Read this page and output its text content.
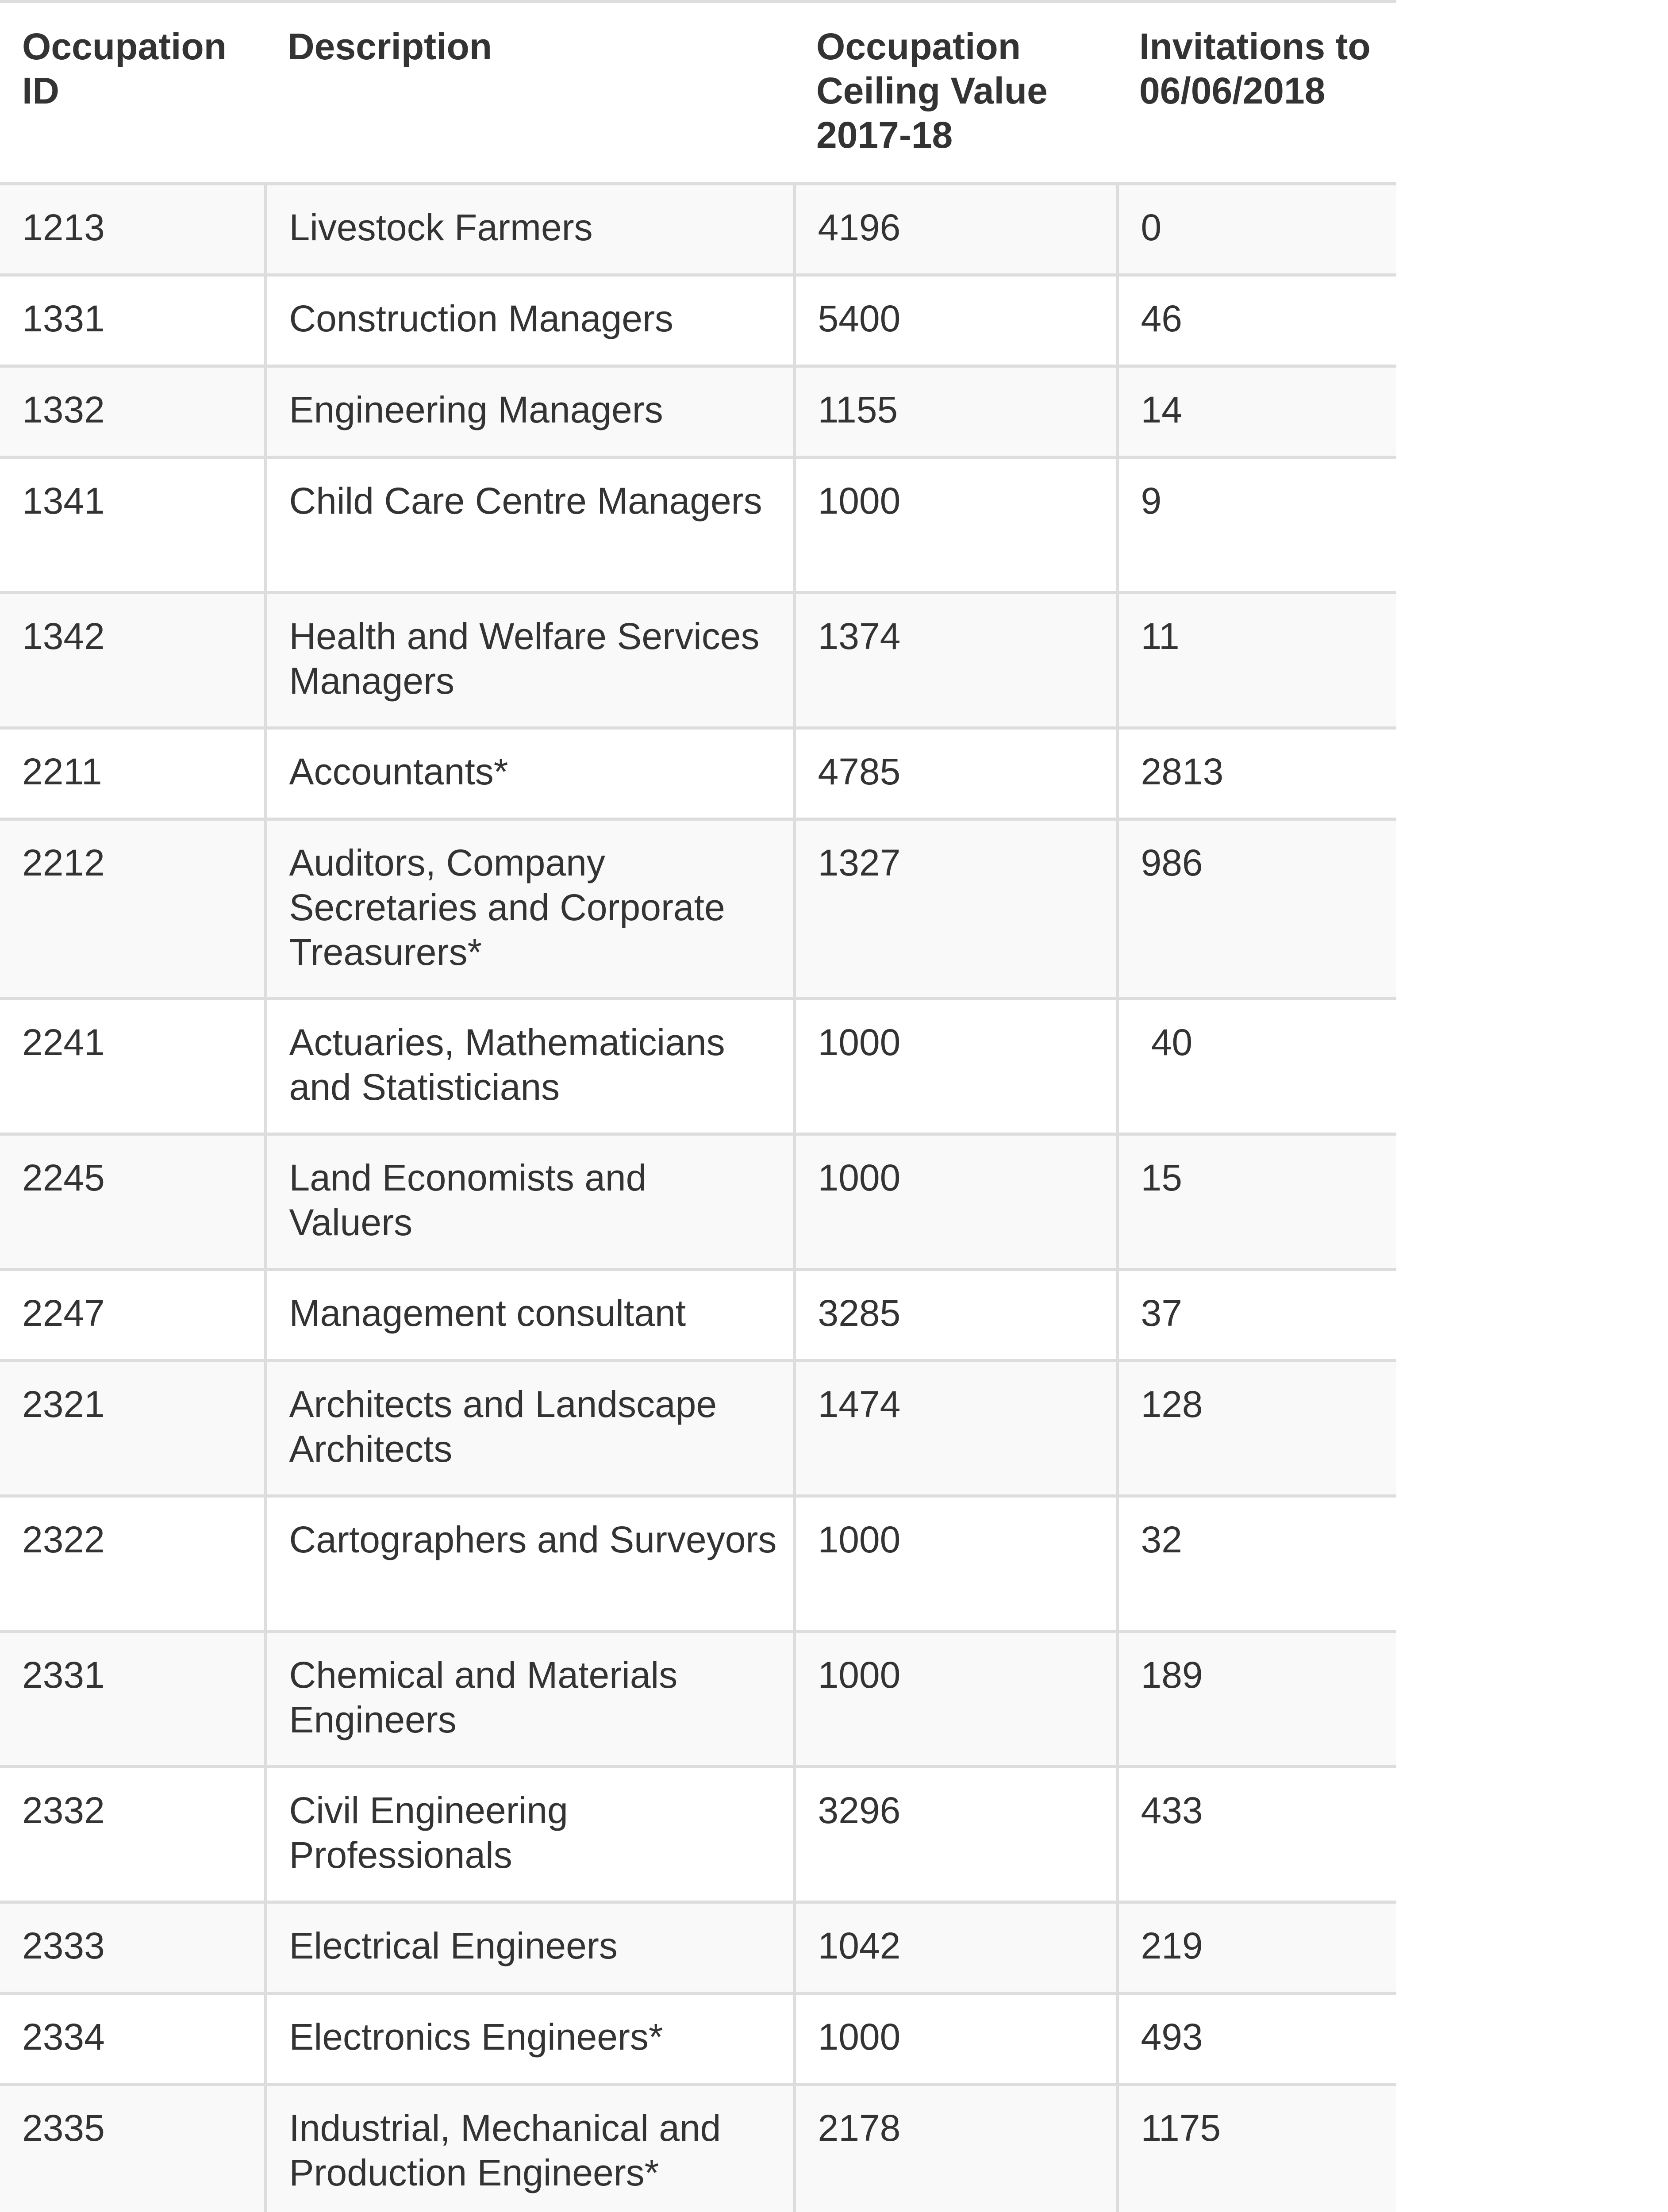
Occupation ID	Description	Occupation Ceiling Value 2017-18	Invitations to 06/06/2018
1213	Livestock Farmers	4196	0
1331	Construction Managers	5400	46
1332	Engineering Managers	1155	14
1341	Child Care Centre Managers	1000	9
1342	Health and Welfare Services Managers	1374	11
2211	Accountants*	4785	2813
2212	Auditors, Company Secretaries and Corporate Treasurers*	1327	986
2241	Actuaries, Mathematicians and Statisticians	1000	40
2245	Land Economists and Valuers	1000	15
2247	Management consultant	3285	37
2321	Architects and Landscape Architects	1474	128
2322	Cartographers and Surveyors	1000	32
2331	Chemical and Materials Engineers	1000	189
2332	Civil Engineering Professionals	3296	433
2333	Electrical Engineers	1042	219
2334	Electronics Engineers*	1000	493
2335	Industrial, Mechanical and Production Engineers*	2178	1175
